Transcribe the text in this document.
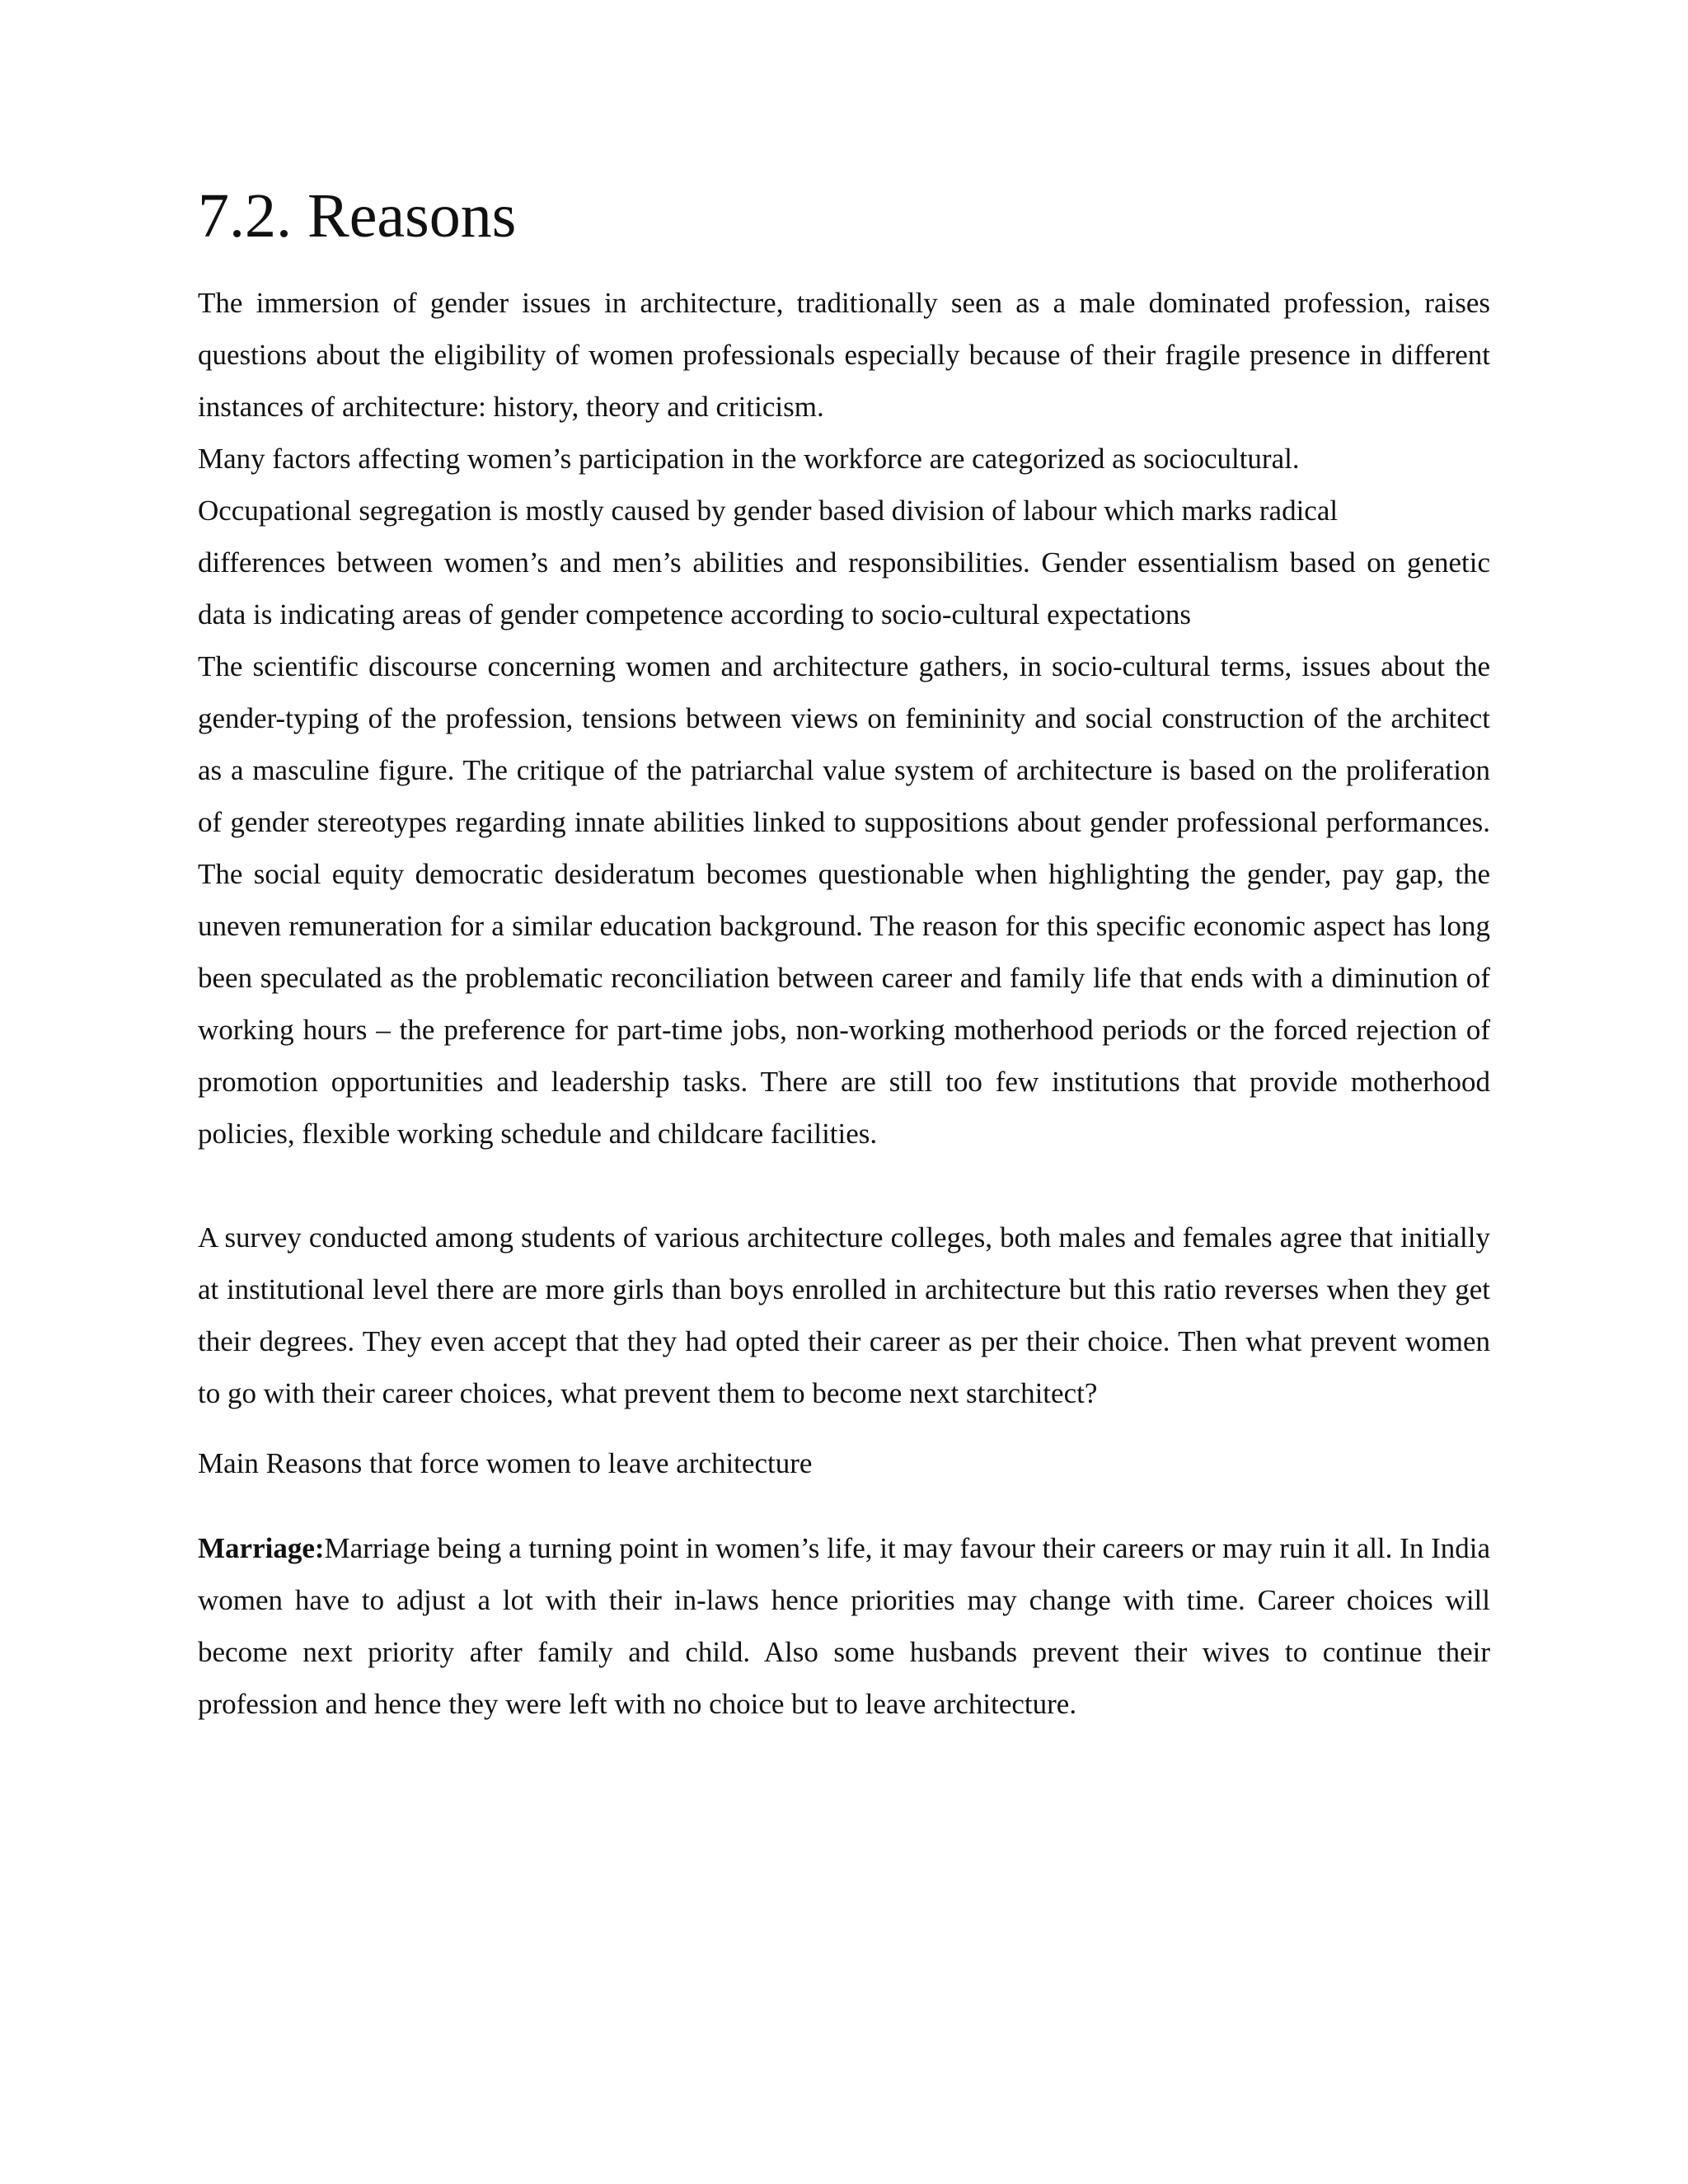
7.2. Reasons

The immersion of gender issues in architecture, traditionally seen as a male dominated profession, raises questions about the eligibility of women professionals especially because of their fragile presence in different instances of architecture: history, theory and criticism.

Many factors affecting women’s participation in the workforce are categorized as sociocultural.

Occupational segregation is mostly caused by gender based division of labour which marks radical

differences between women’s and men’s abilities and responsibilities. Gender essentialism based on genetic data is indicating areas of gender competence according to socio-cultural expectations

The scientific discourse concerning women and architecture gathers, in socio-cultural terms, issues about the gender-typing of the profession, tensions between views on femininity and social construction of the architect as a masculine figure. The critique of the patriarchal value system of architecture is based on the proliferation of gender stereotypes regarding innate abilities linked to suppositions about gender professional performances. The social equity democratic desideratum becomes questionable when highlighting the gender, pay gap, the uneven remuneration for a similar education background. The reason for this specific economic aspect has long been speculated as the problematic reconciliation between career and family life that ends with a diminution of working hours – the preference for part-time jobs, non-working motherhood periods or the forced rejection of promotion opportunities and leadership tasks. There are still too few institutions that provide motherhood policies, flexible working schedule and childcare facilities.

A survey conducted among students of various architecture colleges, both males and females agree that initially at institutional level there are more girls than boys enrolled in architecture but this ratio reverses when they get their degrees. They even accept that they had opted their career as per their choice. Then what prevent women to go with their career choices, what prevent them to become next starchitect?

Main Reasons that force women to leave architecture

Marriage:Marriage being a turning point in women’s life, it may favour their careers or may ruin it all. In India women have to adjust a lot with their in-laws hence priorities may change with time. Career choices will become next priority after family and child. Also some husbands prevent their wives to continue their profession and hence they were left with no choice but to leave architecture.
